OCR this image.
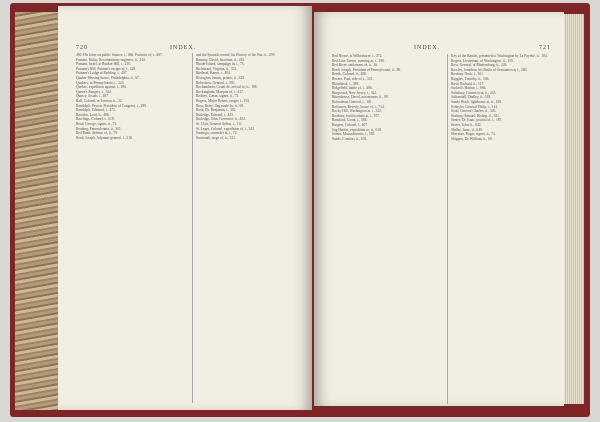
720	INDEX.

460. His letter on public finance, i., 466. Portraits of, i., 467.

Putnam, Rufus, Revolutionary engineer, ii., 244.

Putnam, Israel, at Bunker Hill, i., 210.

Putnam's Hill, Putnam's escape at, i., 420.

Putnam's Lodge at Redding, i., 407.

Quaker Meeting-house, Philadelphia, ii., 67.

Quakers, in Pennsylvania, i., 223.

Quebec, expedition against, i., 186.

Queen's Rangers, i., 342.

Quincy, Josiah, i., 487.

Rall, Colonel, at Trenton, ii., 22.

Randolph, Peyton, President of Congress, i., 299.

Randolph, Edmund, i., 472.

Rawdon, Lord, ii., 486.

Rawlings, Colonel, i., 618.

Read, George, signer, ii., 73.

Reading, Pennsylvania, ii., 301.

Red Bank, defense of, ii., 79.

Reed, Joseph, Adjutant-general, i., 318.

and the Spanish consul; his History of the War, ii., 259.

Ramsay, David, historian, ii., 281.

Rhode Island, campaign in, i., 73.

Richmond, Virginia, ii., 332.

Riedesel, Baron, i., 404.

Rivington, James, printer, ii., 629.

Robertson, General, i., 581.

Rochambeau, Count de, arrival of, ii., 198.

Rockingham, Marquis of, i., 417.

Rodney, Cæsar, signer, ii., 73.

Rogers, Major Robert, ranger, i., 193.

Ross, Betsy, flag made by, ii., 68.

Rush, Dr. Benjamin, i., 302.

Rutledge, Edward, i., 423.

Rutledge, John, Governor, ii., 402.

St. Clair, General Arthur, i., 111.

St. Leger, Colonel, expedition of, i., 242.

Saratoga, surrender at, i., 72.

Savannah, siege of, ii., 521.

INDEX.	721

Red House, at Wilkesbarre, i., 372.

Red Lion Tavern, meeting at, i., 198.

Red River, settlement of, ii., 16.

Reed, Joseph, President of Pennsylvania, ii., 80.

Reeds, Colonel, ii., 208.

Revere, Paul, ride of, i., 521.

Rhinebeck, i., 389.

Ridgefield, battle of, i., 406.

Ringwood, New Jersey, i., 322.

Rittenhouse, David, astronomer, ii., 89.

Roberdeau, General, i., 181.

Robinson, Beverly, house of, i., 714.

Rocky Hill, Washington at, i., 325.

Roxbury, fortifications at, i., 557.

Rumford, Count, i., 568.

Rutgers, Colonel, i., 607.

Sag Harbor, expedition to, ii., 618.

Salem, Massachusetts, i., 583.

Sands, Comfort, ii., 631.

Key of the Bastile, presented to Washington by La Fayette, ii., 184.

Rogers, Lieutenant, of Washington, ii., 165.

Ross, General, at Bladensburg, ii., 226.

Rowley, Jonathan, his Battle of Germantown, i., 280.

Roxbury Neck, i., 361.

Ruggles, Timothy, ii., 506.

Rush, Richard, ii., 117.

Sackett's Harbor, i., 666.

Salisbury, Connecticut, ii., 245.

Saltonstall, Dudley, ii., 518.

Sandy Hook, lighthouse at, ii., 198.

Schuyler, General Philip, i., 141.

Scott, General Charles, ii., 325.

Seabury, Samuel, Bishop, ii., 631.

Senter, Dr. Isaac, journal of, i., 187.

Sevier, John, ii., 642.

Shelby, Isaac, ii., 640.

Sherman, Roger, signer, ii., 74.

Shippen, Dr. William, ii., 69.
